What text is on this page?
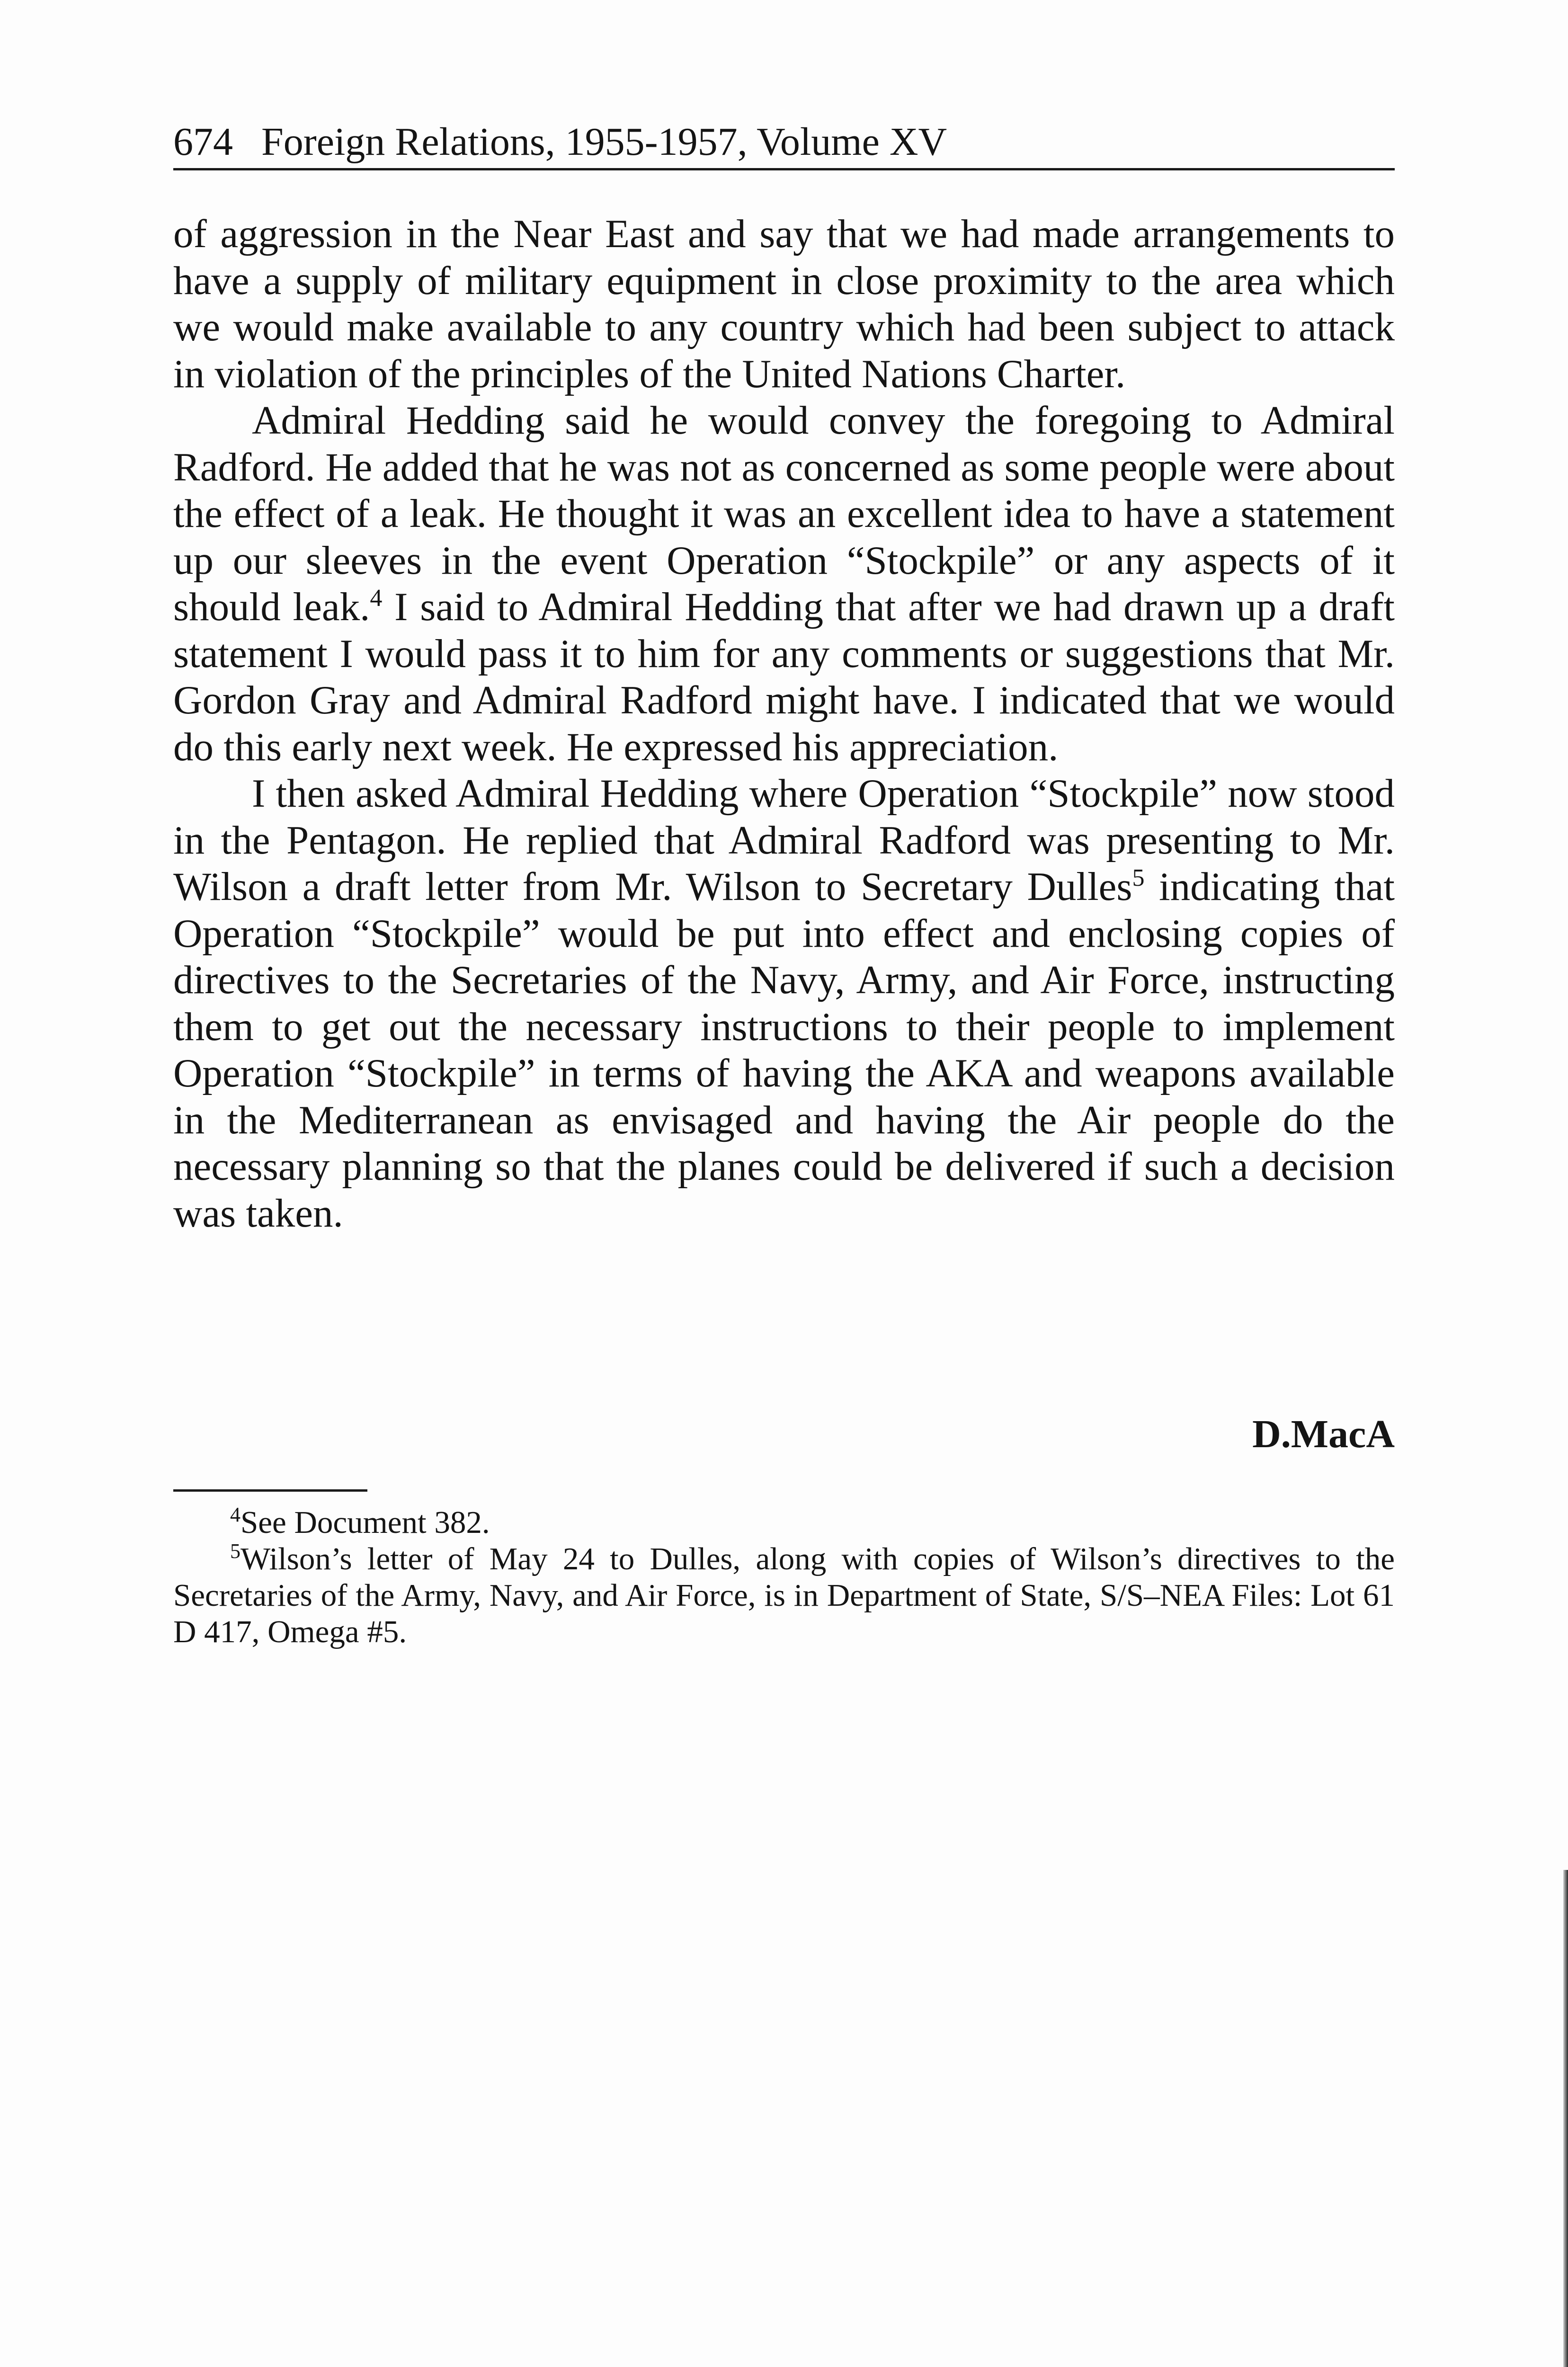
674 Foreign Relations, 1955-1957, Volume XV

of aggression in the Near East and say that we had made arrangements to have a supply of military equipment in close proximity to the area which we would make available to any country which had been subject to attack in violation of the principles of the United Nations Charter.

Admiral Hedding said he would convey the foregoing to Admiral Radford. He added that he was not as concerned as some people were about the effect of a leak. He thought it was an excellent idea to have a statement up our sleeves in the event Operation “Stockpile” or any aspects of it should leak.$^4$ I said to Admiral Hedding that after we had drawn up a draft statement I would pass it to him for any comments or suggestions that Mr. Gordon Gray and Admiral Radford might have. I indicated that we would do this early next week. He expressed his appreciation.

I then asked Admiral Hedding where Operation “Stockpile” now stood in the Pentagon. He replied that Admiral Radford was presenting to Mr. Wilson a draft letter from Mr. Wilson to Secretary Dulles$^5$ indicating that Operation “Stockpile” would be put into effect and enclosing copies of directives to the Secretaries of the Navy, Army, and Air Force, instructing them to get out the necessary instructions to their people to implement Operation “Stockpile” in terms of having the AKA and weapons available in the Mediterranean as envisaged and having the Air people do the necessary planning so that the planes could be delivered if such a decision was taken.

D.MacA

$^4$See Document 382.

$^5$Wilson’s letter of May 24 to Dulles, along with copies of Wilson’s directives to the Secretaries of the Army, Navy, and Air Force, is in Department of State, S/S–NEA Files: Lot 61 D 417, Omega #5.
